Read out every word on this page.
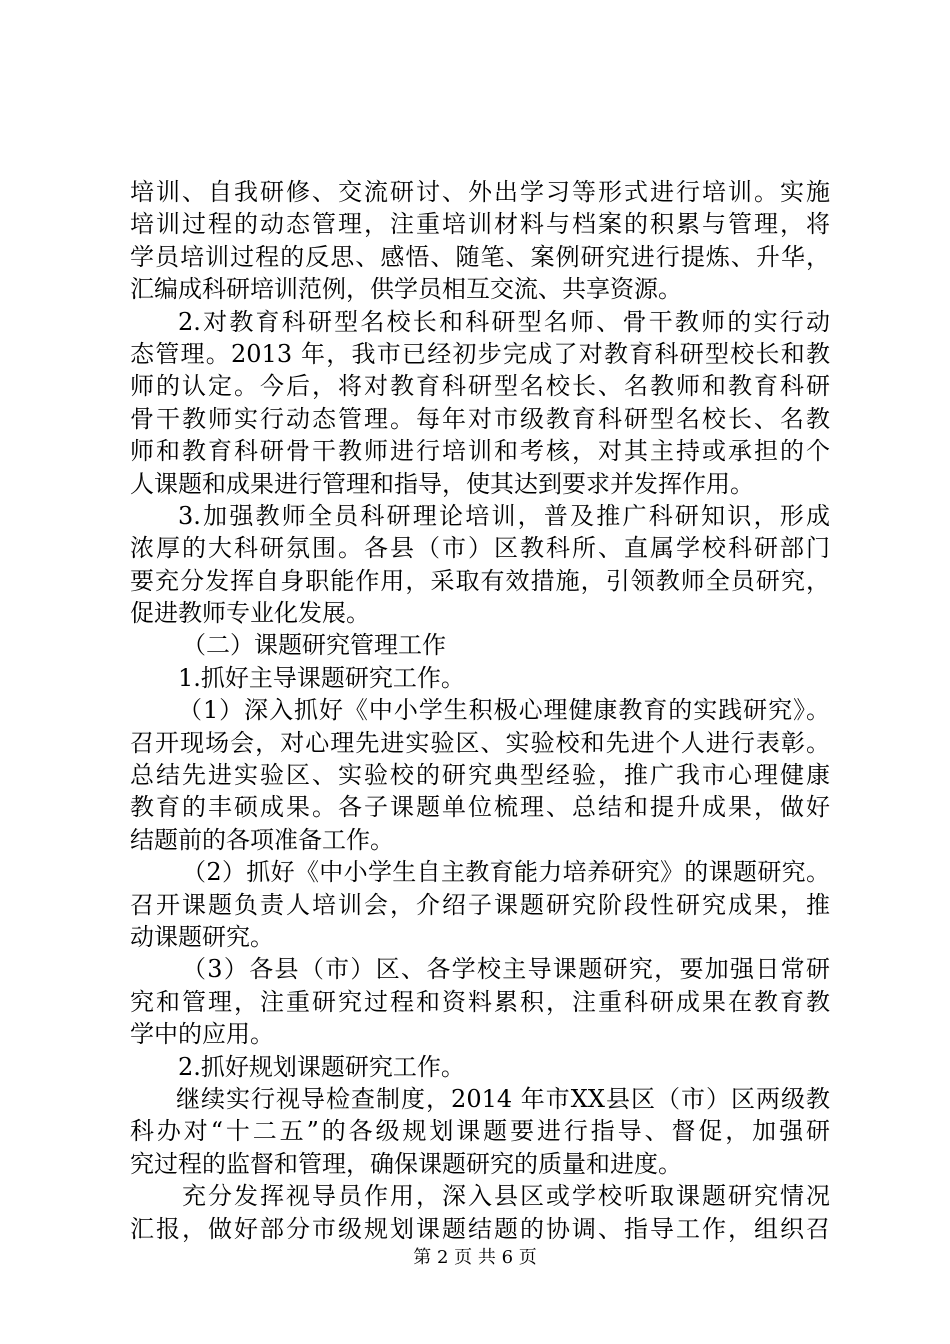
培训、自我研修、交流研讨、外出学习等形式进行培训。实施
培训过程的动态管理，注重培训材料与档案的积累与管理，将
学员培训过程的反思、感悟、随笔、案例研究进行提炼、升华，
汇编成科研培训范例，供学员相互交流、共享资源。
2.对教育科研型名校长和科研型名师、骨干教师的实行动
态管理。2013 年，我市已经初步完成了对教育科研型校长和教
师的认定。今后，将对教育科研型名校长、名教师和教育科研
骨干教师实行动态管理。每年对市级教育科研型名校长、名教
师和教育科研骨干教师进行培训和考核，对其主持或承担的个
人课题和成果进行管理和指导，使其达到要求并发挥作用。
3.加强教师全员科研理论培训，普及推广科研知识，形成
浓厚的大科研氛围。各县（市）区教科所、直属学校科研部门
要充分发挥自身职能作用，采取有效措施，引领教师全员研究，
促进教师专业化发展。
（二）课题研究管理工作
1.抓好主导课题研究工作。
（1）深入抓好《中小学生积极心理健康教育的实践研究》。
召开现场会，对心理先进实验区、实验校和先进个人进行表彰。
总结先进实验区、实验校的研究典型经验，推广我市心理健康
教育的丰硕成果。各子课题单位梳理、总结和提升成果，做好
结题前的各项准备工作。
（2）抓好《中小学生自主教育能力培养研究》的课题研究。
召开课题负责人培训会，介绍子课题研究阶段性研究成果，推
动课题研究。
（3）各县（市）区、各学校主导课题研究，要加强日常研
究和管理，注重研究过程和资料累积，注重科研成果在教育教
学中的应用。
2.抓好规划课题研究工作。
继续实行视导检查制度，2014 年市XX县区（市）区两级教
科办对“十二五”的各级规划课题要进行指导、督促，加强研
究过程的监督和管理，确保课题研究的质量和进度。
充分发挥视导员作用，深入县区或学校听取课题研究情况
汇报，做好部分市级规划课题结题的协调、指导工作，组织召
第 2 页 共 6 页
